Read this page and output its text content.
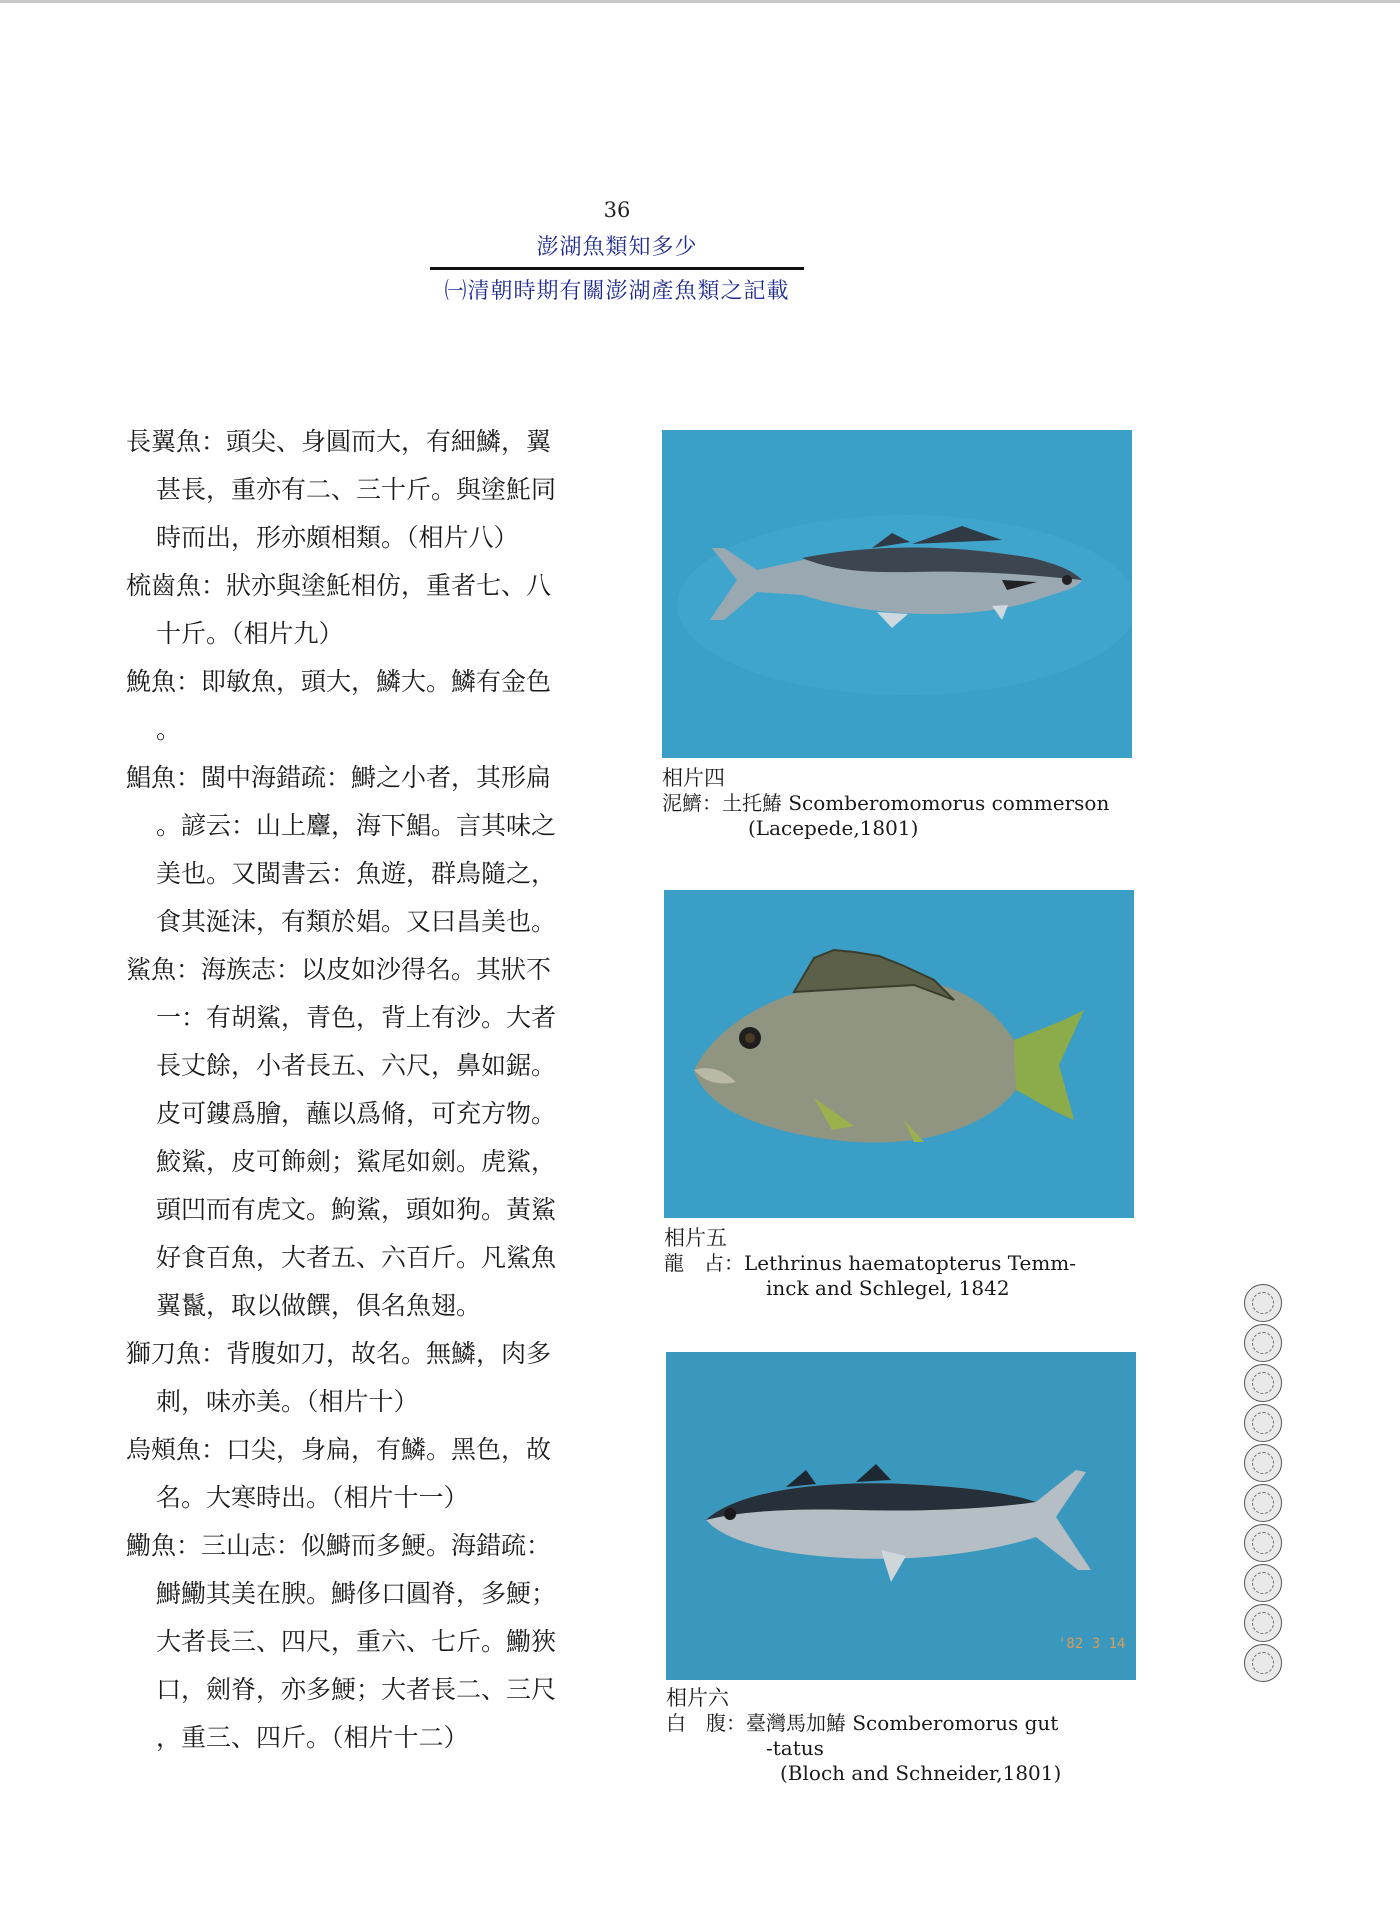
36
澎湖魚類知多少
㈠清朝時期有關澎湖產魚類之記載
長翼魚：頭尖、身圓而大，有細鱗，翼
甚長，重亦有二、三十斤。與塗魠同
時而出，形亦頗相類。（相片八）
梳齒魚：狀亦與塗魠相仿，重者七、八
十斤。（相片九）
鮸魚：即敏魚，頭大，鱗大。鱗有金色
。
鯧魚：閩中海錯疏：鰣之小者，其形扁
。諺云：山上麞，海下鯧。言其味之
美也。又閩書云：魚遊，群鳥隨之，
食其涎沫，有類於娼。又曰昌美也。
鯊魚：海族志：以皮如沙得名。其狀不
一：有胡鯊，青色，背上有沙。大者
長丈餘，小者長五、六尺，鼻如鋸。
皮可鏤爲膾，蘸以爲脩，可充方物。
鮫鯊，皮可飾劍；鯊尾如劍。虎鯊，
頭凹而有虎文。鮈鯊，頭如狗。黃鯊
好食百魚，大者五、六百斤。凡鯊魚
翼鬣，取以做饌，俱名魚翅。
獅刀魚：背腹如刀，故名。無鱗，肉多
刺，味亦美。（相片十）
烏頰魚：口尖，身扁，有鱗。黑色，故
名。大寒時出。（相片十一）
鰳魚：三山志：似鰣而多鯁。海錯疏：
鰣鰳其美在腴。鰣侈口圓脊，多鯁；
大者長三、四尺，重六、七斤。鰳狹
口，劍脊，亦多鯁；大者長二、三尺
，重三、四斤。（相片十二）
相片四
泥鱭：土托鰆 Scomberomomorus commerson
(Lacepede,1801)
相片五
龍　占：Lethrinus haematopterus Temm-
inck and Schlegel, 1842
'82 3 14
相片六
白　腹：臺灣馬加鰆 Scomberomorus gut
-tatus
(Bloch and Schneider,1801)
